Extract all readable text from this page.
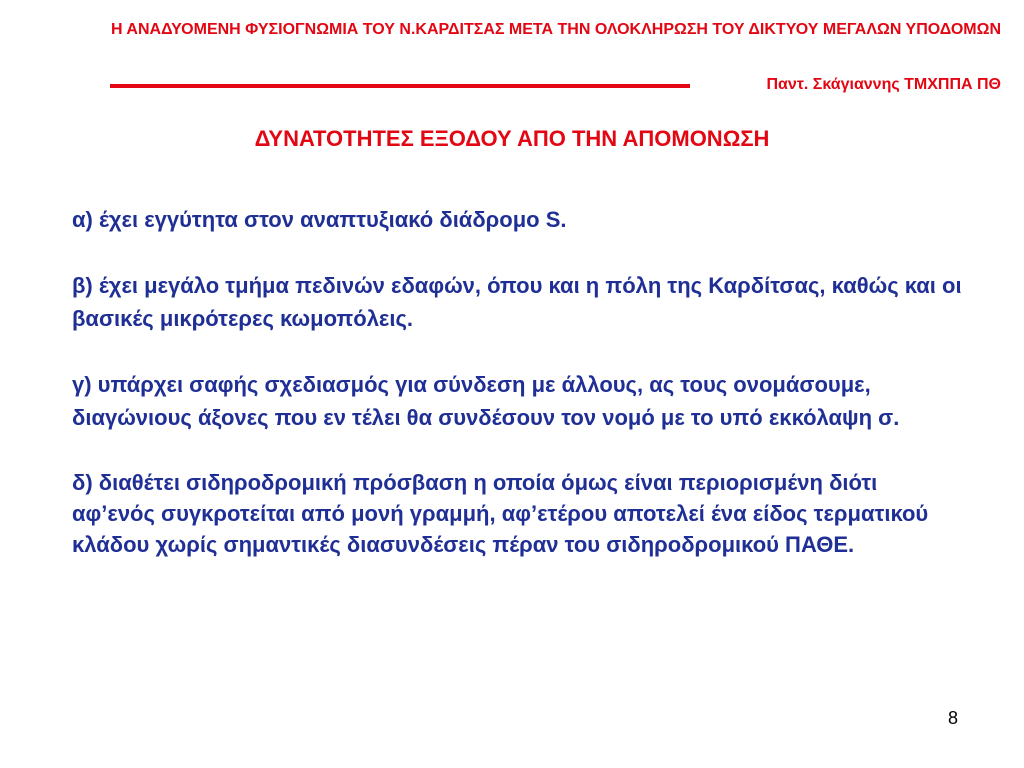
Η ΑΝΑΔΥΟΜΕΝΗ ΦΥΣΙΟΓΝΩΜΙΑ ΤΟΥ Ν.ΚΑΡΔΙΤΣΑΣ ΜΕΤΑ ΤΗΝ ΟΛΟΚΛΗΡΩΣΗ ΤΟΥ ΔΙΚΤΥΟΥ ΜΕΓΑΛΩΝ ΥΠΟΔΟΜΩΝ
Παντ. Σκάγιαννης ΤΜΧΠΠΑ ΠΘ
ΔΥΝΑΤΟΤΗΤΕΣ ΕΞΟΔΟΥ ΑΠΟ ΤΗΝ ΑΠΟΜΟΝΩΣΗ

α) έχει εγγύτητα στον αναπτυξιακό διάδρομο S.

β) έχει μεγάλο τμήμα πεδινών εδαφών, όπου και η πόλη της Καρδίτσας, καθώς και οι βασικές μικρότερες κωμοπόλεις.

γ) υπάρχει σαφής σχεδιασμός για σύνδεση με άλλους, ας τους ονομάσουμε, διαγώνιους άξονες που εν τέλει θα συνδέσουν τον νομό με το υπό εκκόλαψη σ.

δ) διαθέτει σιδηροδρομική πρόσβαση η οποία όμως είναι περιορισμένη διότι αφ’ενός συγκροτείται από μονή γραμμή, αφ’ετέρου αποτελεί ένα είδος τερματικού κλάδου χωρίς σημαντικές διασυνδέσεις πέραν του σιδηροδρομικού ΠΑΘΕ.

8
